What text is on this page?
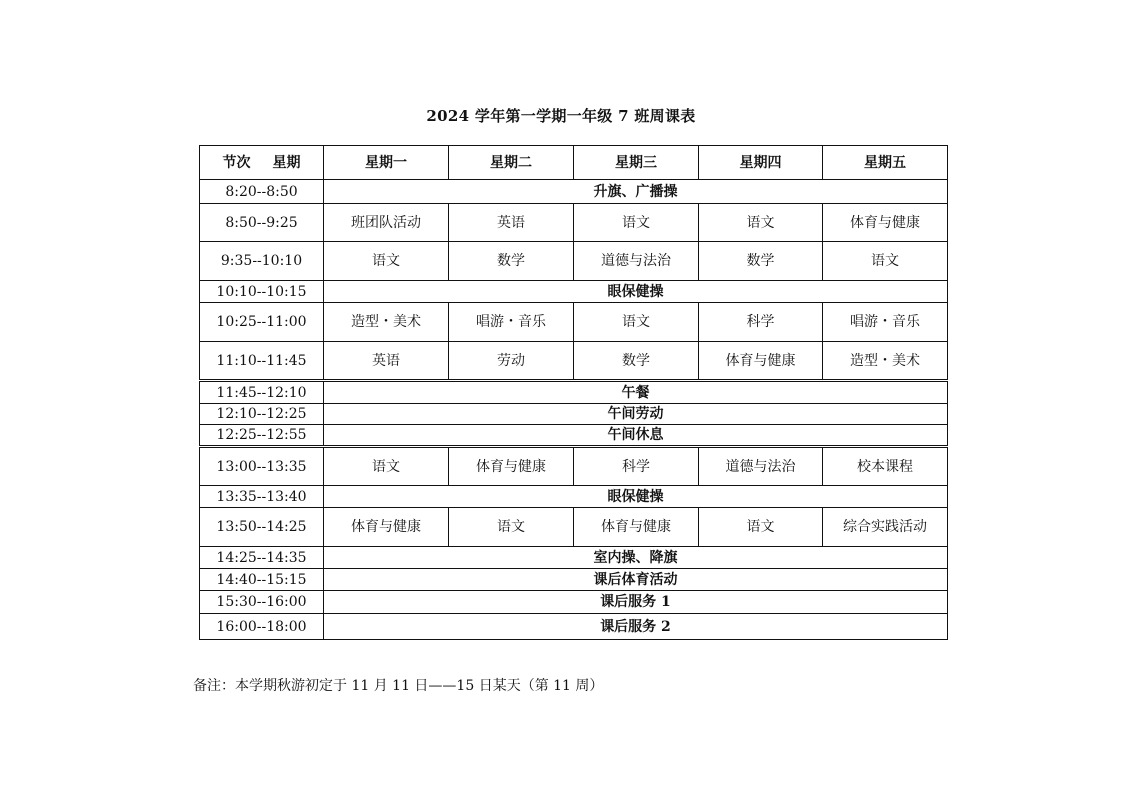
2024 学年第一学期一年级 7 班周课表
节次 星期	星期一	星期二	星期三	星期四	星期五
8:20--8:50	升旗、广播操				
8:50--9:25	班团队活动	英语	语文	语文	体育与健康
9:35--10:10	语文	数学	道德与法治	数学	语文
10:10--10:15	眼保健操				
10:25--11:00	造型・美术	唱游・音乐	语文	科学	唱游・音乐
11:10--11:45	英语	劳动	数学	体育与健康	造型・美术
11:45--12:10	午餐				
12:10--12:25	午间劳动				
12:25--12:55	午间休息				
13:00--13:35	语文	体育与健康	科学	道德与法治	校本课程
13:35--13:40	眼保健操				
13:50--14:25	体育与健康	语文	体育与健康	语文	综合实践活动
14:25--14:35	室内操、降旗				
14:40--15:15	课后体育活动				
15:30--16:00	课后服务 1				
16:00--18:00	课后服务 2				
备注：本学期秋游初定于 11 月 11 日——15 日某天（第 11 周）
